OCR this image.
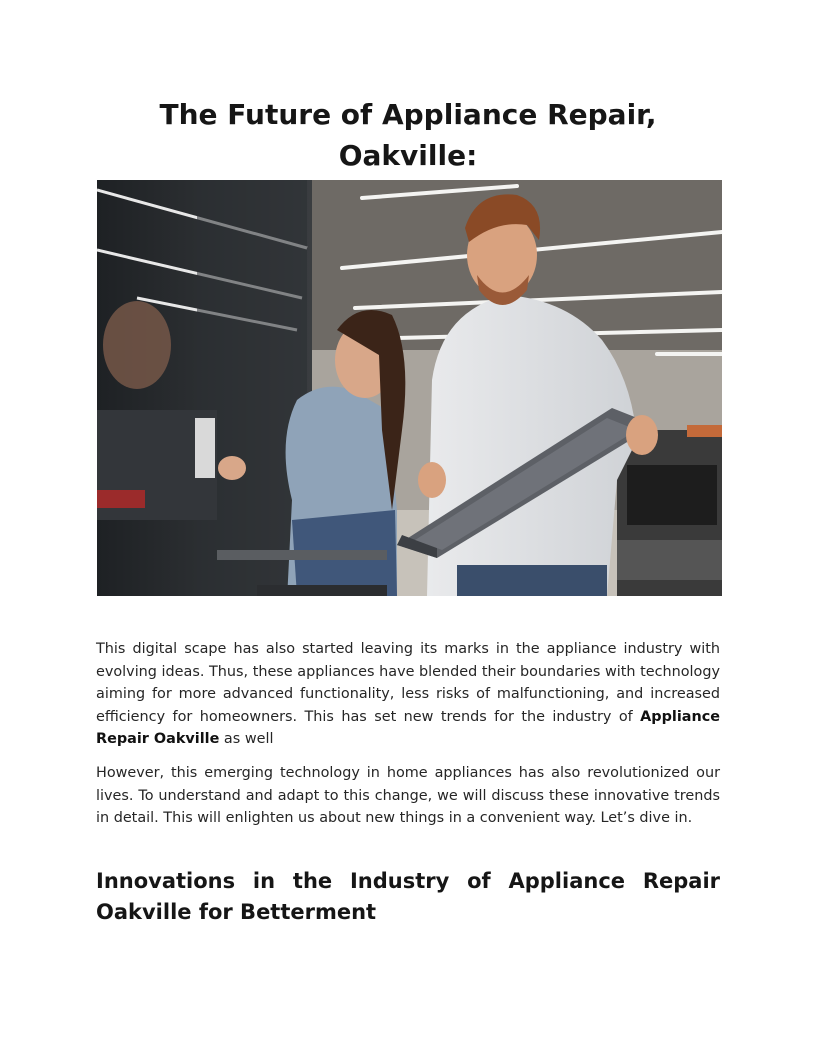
The Future of Appliance Repair, Oakville:

This digital scape has also started leaving its marks in the appliance industry with evolving ideas. Thus, these appliances have blended their boundaries with technology aiming for more advanced functionality, less risks of malfunctioning, and increased efficiency for homeowners. This has set new trends for the industry of Appliance Repair Oakville as well

However, this emerging technology in home appliances has also revolutionized our lives. To understand and adapt to this change, we will discuss these innovative trends in detail. This will enlighten us about new things in a convenient way. Let’s dive in.

Innovations in the Industry of Appliance Repair Oakville for Betterment
